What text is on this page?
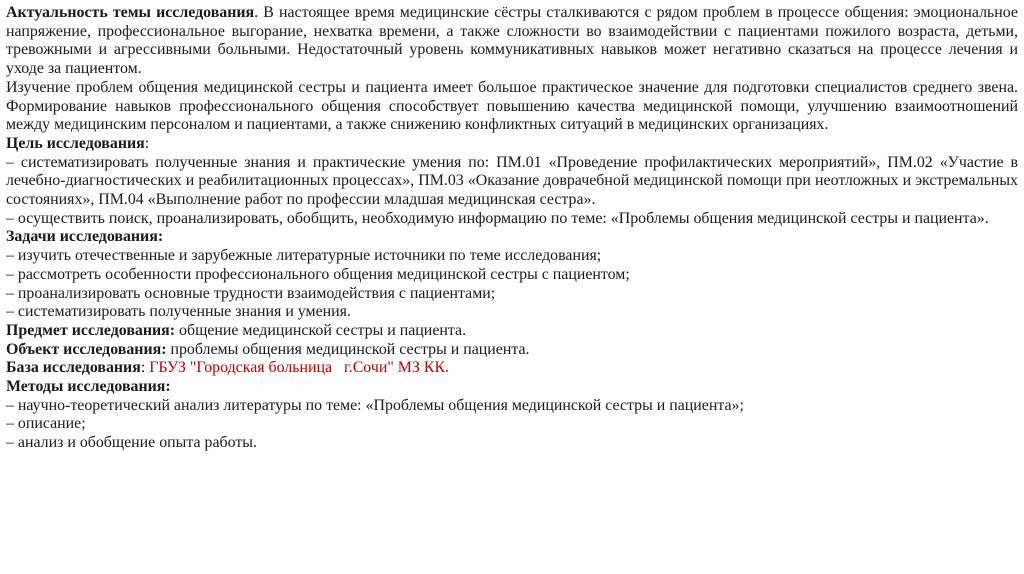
Актуальность темы исследования. В настоящее время медицинские сёстры сталкиваются с рядом проблем в процессе общения: эмоциональное напряжение, профессиональное выгорание, нехватка времени, а также сложности во взаимодействии с пациентами пожилого возраста, детьми, тревожными и агрессивными больными. Недостаточный уровень коммуникативных навыков может негативно сказаться на процессе лечения и уходе за пациентом.

Изучение проблем общения медицинской сестры и пациента имеет большое практическое значение для подготовки специалистов среднего звена. Формирование навыков профессионального общения способствует повышению качества медицинской помощи, улучшению взаимоотношений между медицинским персоналом и пациентами, а также снижению конфликтных ситуаций в медицинских организациях.

Цель исследования:

– систематизировать полученные знания и практические умения по: ПМ.01 «Проведение профилактических мероприятий», ПМ.02 «Участие в лечебно-диагностических и реабилитационных процессах», ПМ.03 «Оказание доврачебной медицинской помощи при неотложных и экстремальных состояниях», ПМ.04 «Выполнение работ по профессии младшая медицинская сестра».

– осуществить поиск, проанализировать, обобщить, необходимую информацию по теме: «Проблемы общения медицинской сестры и пациента».

Задачи исследования:

– изучить отечественные и зарубежные литературные источники по теме исследования;

– рассмотреть особенности профессионального общения медицинской сестры с пациентом;

– проанализировать основные трудности взаимодействия с пациентами;

– систематизировать полученные знания и умения.

Предмет исследования: общение медицинской сестры и пациента.

Объект исследования: проблемы общения медицинской сестры и пациента.

База исследования: ГБУЗ "Городская больница   г.Сочи" МЗ КК.

Методы исследования:

– научно-теоретический анализ литературы по теме: «Проблемы общения медицинской сестры и пациента»;

– описание;

– анализ и обобщение опыта работы.
